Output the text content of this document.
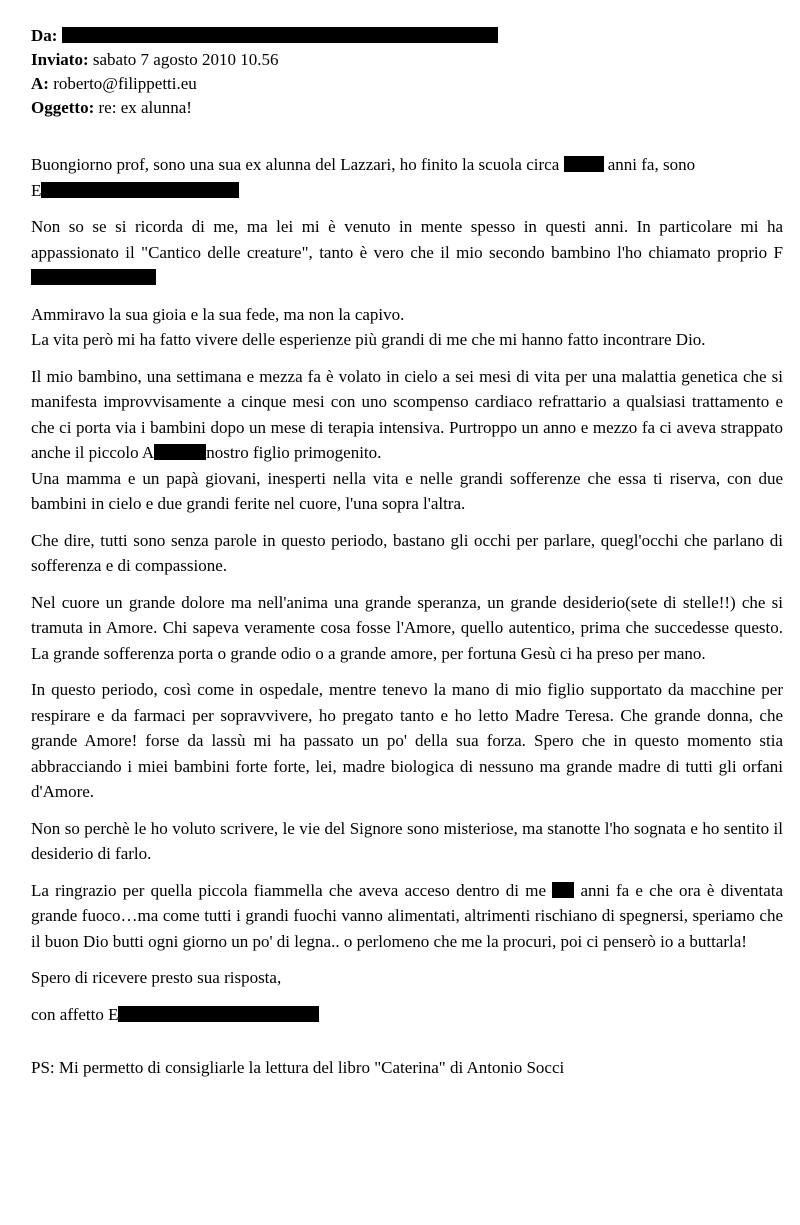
Da:
Inviato: sabato 7 agosto 2010 10.56
A: roberto@filippetti.eu
Oggetto: re: ex alunna!

Buongiorno prof, sono una sua ex alunna del Lazzari, ho finito la scuola circa	anni fa, sono
E

Non so se si ricorda di me, ma lei mi è venuto in mente spesso in questi anni. In particolare mi ha appassionato il "Cantico delle creature", tanto è vero che il mio secondo bambino l'ho chiamato proprio F

Ammiravo la sua gioia e la sua fede, ma non la capivo.
La vita però mi ha fatto vivere delle esperienze più grandi di me che mi hanno fatto incontrare Dio.

Il mio bambino, una settimana e mezza fa è volato in cielo a sei mesi di vita per una malattia genetica che si manifesta improvvisamente a cinque mesi con uno scompenso cardiaco refrattario a qualsiasi trattamento e che ci porta via i bambini dopo un mese di terapia intensiva. Purtroppo un anno e mezzo fa ci aveva strappato anche il piccolo A	nostro figlio primogenito.
Una mamma e un papà giovani, inesperti nella vita e nelle grandi sofferenze che essa ti riserva, con due bambini in cielo e due grandi ferite nel cuore, l'una sopra l'altra.

Che dire, tutti sono senza parole in questo periodo, bastano gli occhi per parlare, quegl'occhi che parlano di sofferenza e di compassione.

Nel cuore un grande dolore ma nell'anima una grande speranza, un grande desiderio(sete di stelle!!) che si tramuta in Amore. Chi sapeva veramente cosa fosse l'Amore, quello autentico, prima che succedesse questo. La grande sofferenza porta o grande odio o a grande amore, per fortuna Gesù ci ha preso per mano.

In questo periodo, così come in ospedale, mentre tenevo la mano di mio figlio supportato da macchine per respirare e da farmaci per sopravvivere, ho pregato tanto e ho letto Madre Teresa. Che grande donna, che grande Amore! forse da lassù mi ha passato un po' della sua forza. Spero che in questo momento stia abbracciando i miei bambini forte forte, lei, madre biologica di nessuno ma grande madre di tutti gli orfani d'Amore.

Non so perchè le ho voluto scrivere, le vie del Signore sono misteriose, ma stanotte l'ho sognata e ho sentito il desiderio di farlo.

La ringrazio per quella piccola fiammella che aveva acceso dentro di me anni fa e che ora è diventata grande fuoco…ma come tutti i grandi fuochi vanno alimentati, altrimenti rischiano di spegnersi, speriamo che il buon Dio butti ogni giorno un po' di legna.. o perlomeno che me la procuri, poi ci penserò io a buttarla!

Spero di ricevere presto sua risposta,

con affetto E

PS: Mi permetto di consigliarle la lettura del libro "Caterina" di Antonio Socci
